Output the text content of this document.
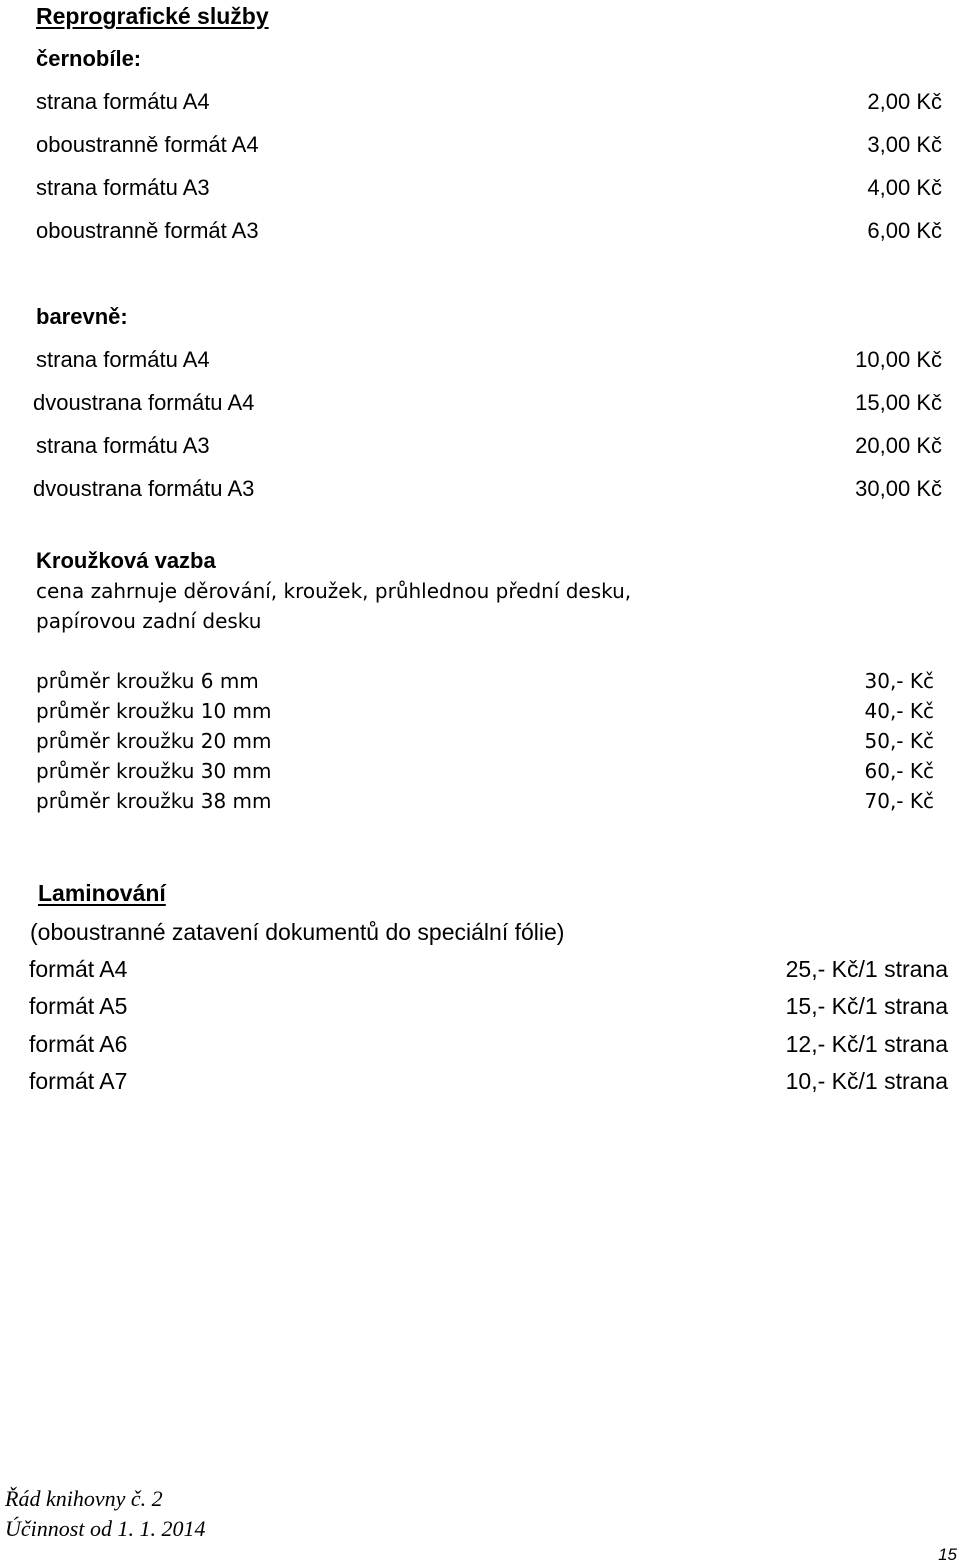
Reprografické služby
černobíle:
strana formátu A4	2,00 Kč
oboustranně formát A4	3,00 Kč
strana formátu A3	4,00 Kč
oboustranně formát A3	6,00 Kč
barevně:
strana formátu A4	10,00 Kč
dvoustrana formátu A4	15,00 Kč
strana formátu A3	20,00 Kč
dvoustrana formátu A3	30,00 Kč
Kroužková vazba
cena zahrnuje děrování, kroužek, průhlednou přední desku,
papírovou zadní desku
průměr kroužku 6 mm	30,- Kč
průměr kroužku 10 mm	40,- Kč
průměr kroužku 20 mm	50,- Kč
průměr kroužku 30 mm	60,- Kč
průměr kroužku 38 mm	70,- Kč
Laminování
(oboustranné zatavení dokumentů do speciální fólie)
formát A4	25,- Kč/1 strana
formát A5	15,- Kč/1 strana
formát A6	12,- Kč/1 strana
formát A7	10,- Kč/1 strana
Řád knihovny č. 2
Účinnost od 1. 1. 2014
15
